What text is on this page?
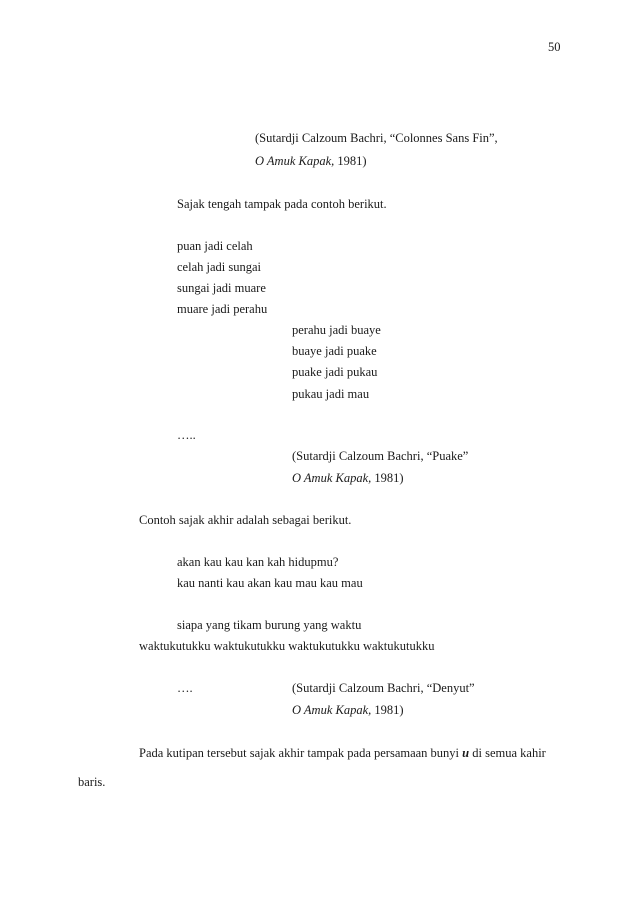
50
(Sutardji Calzoum Bachri, “Colonnes Sans Fin”,
O Amuk Kapak, 1981)
Sajak tengah tampak pada contoh berikut.
puan jadi celah
celah jadi sungai
sungai jadi muare
muare jadi perahu
perahu jadi buaye
buaye jadi puake
puake jadi pukau
pukau jadi mau
…..
(Sutardji Calzoum Bachri, “Puake”
O Amuk Kapak, 1981)
Contoh sajak akhir adalah sebagai berikut.
akan kau kau kan kah hidupmu?
kau nanti kau akan kau mau kau mau
siapa yang tikam burung yang waktu
waktukutukku waktukutukku waktukutukku waktukutukku
….	(Sutardji Calzoum Bachri, “Denyut”
O Amuk Kapak, 1981)
Pada kutipan tersebut sajak akhir tampak pada persamaan bunyi u di semua kahir
baris.
